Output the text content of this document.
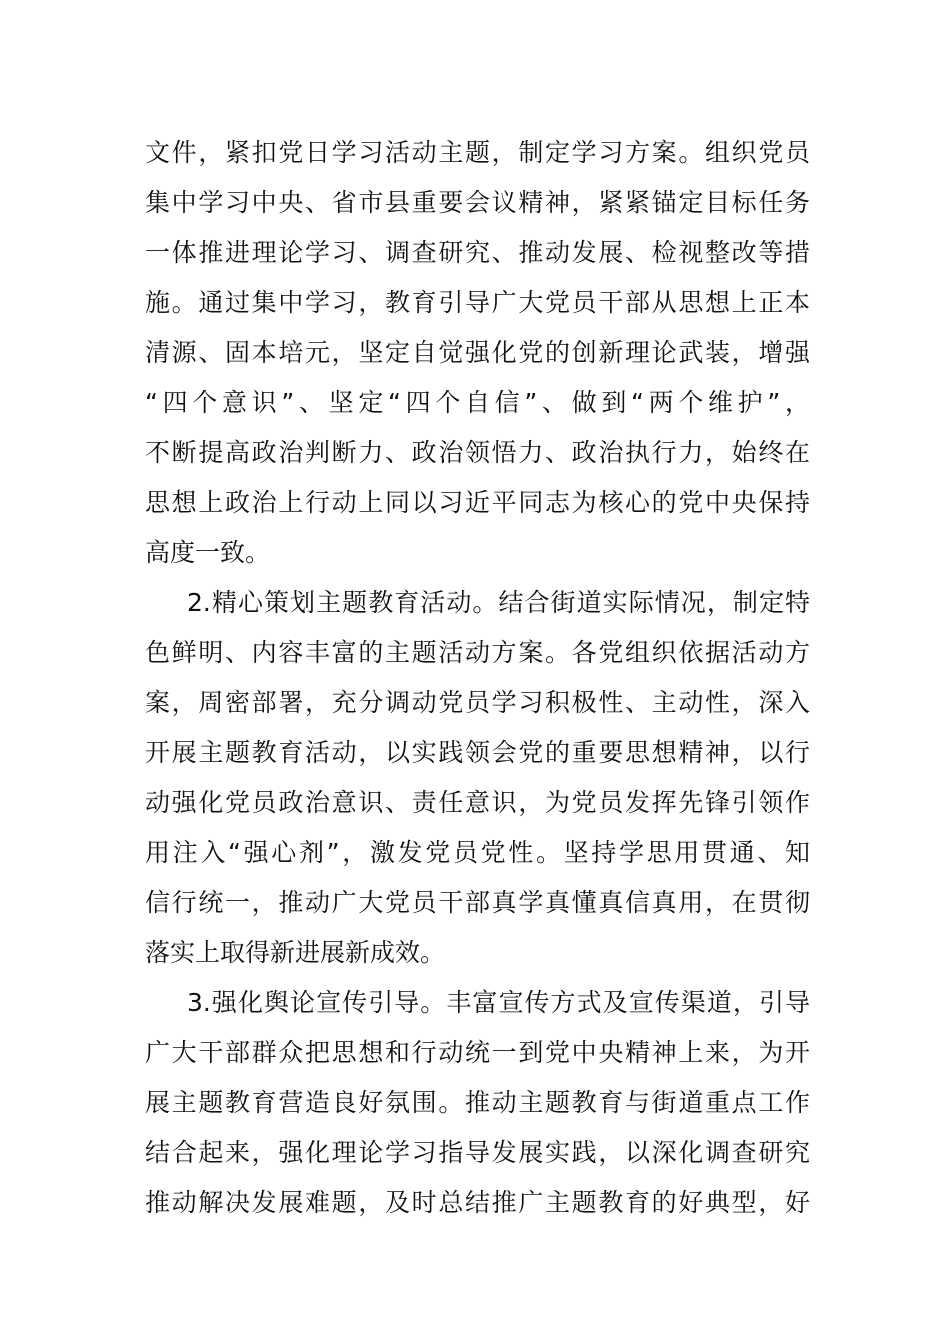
文件，紧扣党日学习活动主题，制定学习方案。组织党员
集中学习中央、省市县重要会议精神，紧紧锚定目标任务
一体推进理论学习、调查研究、推动发展、检视整改等措
施。通过集中学习，教育引导广大党员干部从思想上正本
清源、固本培元，坚定自觉强化党的创新理论武装，增强
“四个意识”、坚定“四个自信”、做到“两个维护”，
不断提高政治判断力、政治领悟力、政治执行力，始终在
思想上政治上行动上同以习近平同志为核心的党中央保持
高度一致。
2.精心策划主题教育活动。结合街道实际情况，制定特
色鲜明、内容丰富的主题活动方案。各党组织依据活动方
案，周密部署，充分调动党员学习积极性、主动性，深入
开展主题教育活动，以实践领会党的重要思想精神，以行
动强化党员政治意识、责任意识，为党员发挥先锋引领作
用注入“强心剂”，激发党员党性。坚持学思用贯通、知
信行统一，推动广大党员干部真学真懂真信真用，在贯彻
落实上取得新进展新成效。
3.强化舆论宣传引导。丰富宣传方式及宣传渠道，引导
广大干部群众把思想和行动统一到党中央精神上来，为开
展主题教育营造良好氛围。推动主题教育与街道重点工作
结合起来，强化理论学习指导发展实践，以深化调查研究
推动解决发展难题，及时总结推广主题教育的好典型，好
